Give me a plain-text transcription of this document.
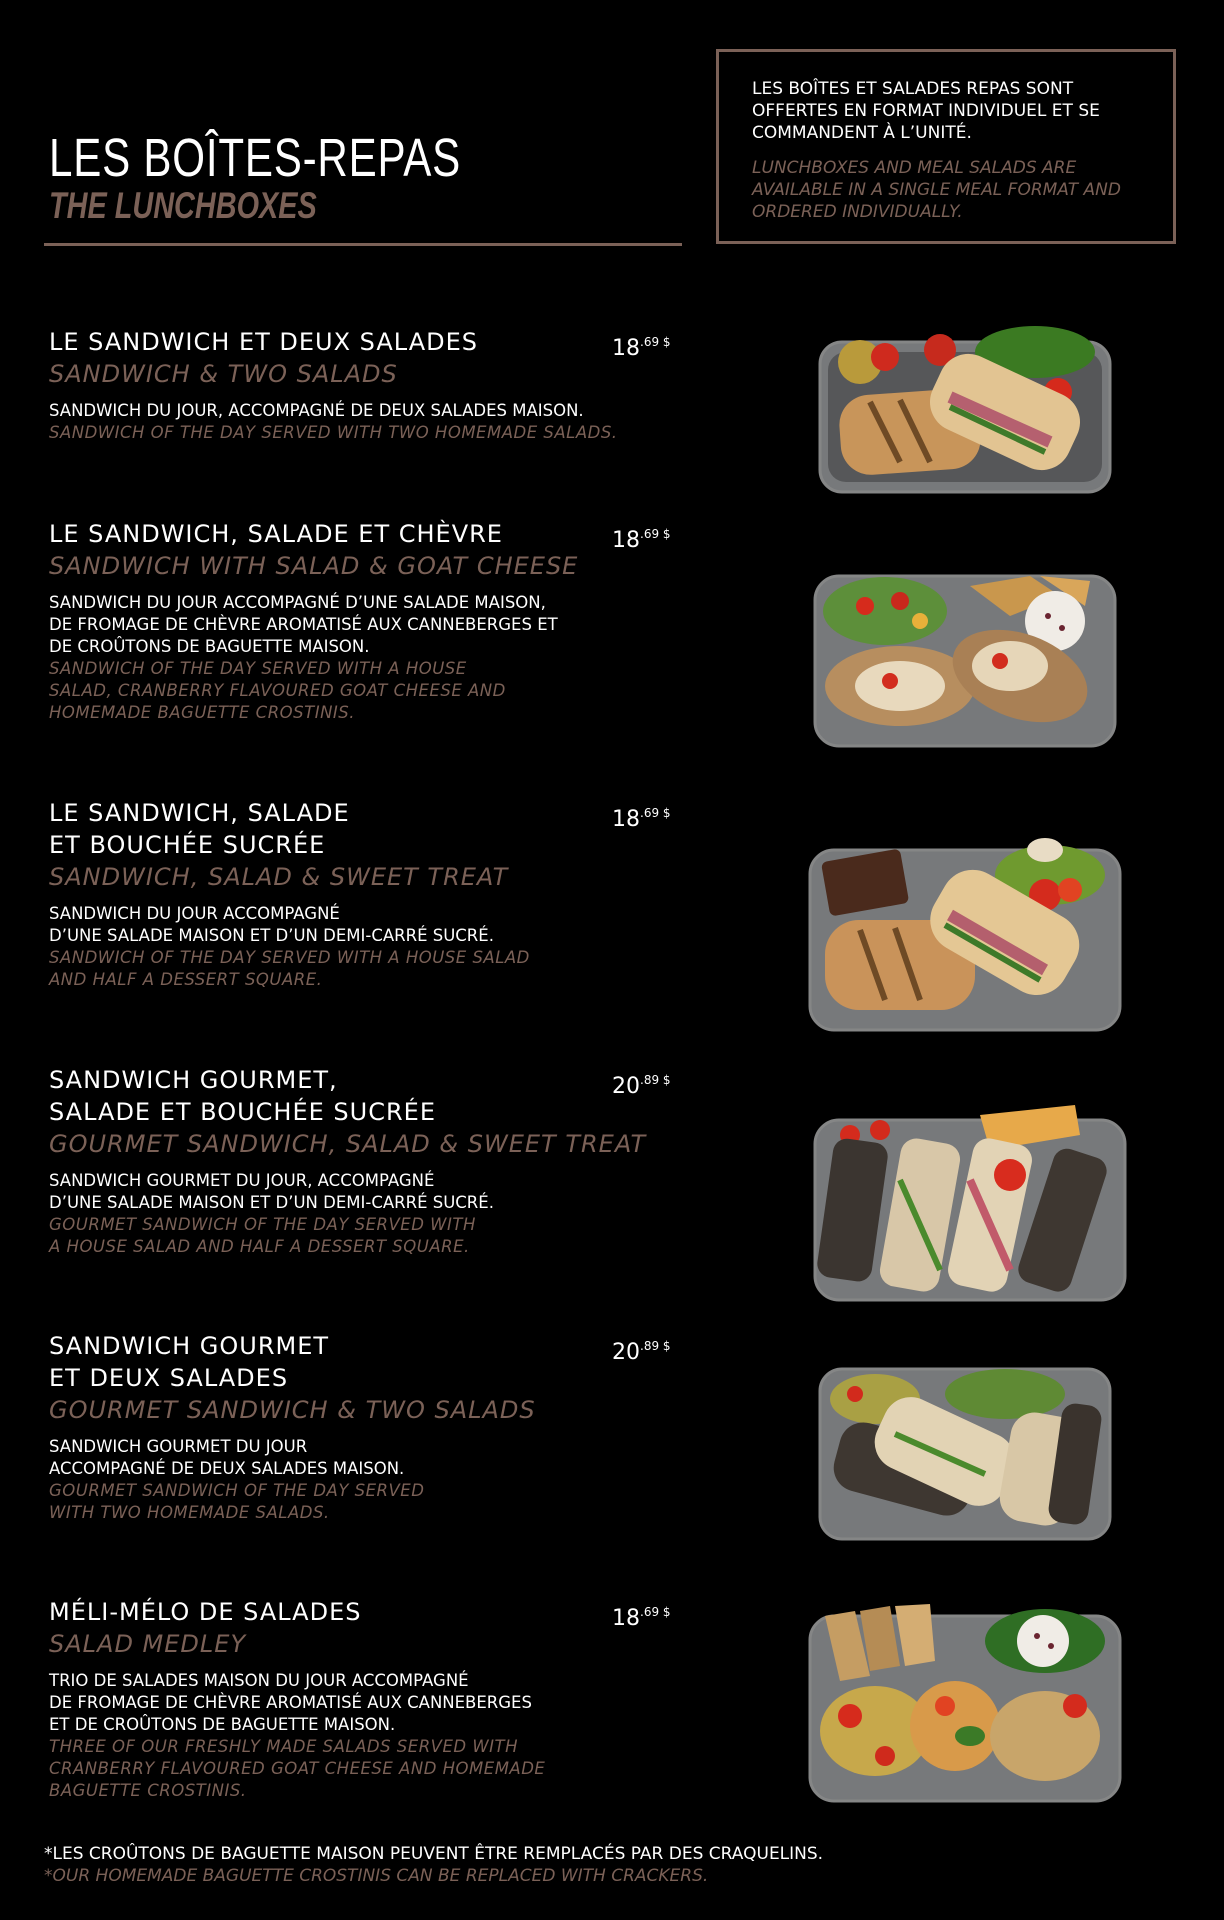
LES BOÎTES-REPAS
THE LUNCHBOXES
LES BOÎTES ET SALADES REPAS SONT OFFERTES EN FORMAT INDIVIDUEL ET SE COMMANDENT À L’UNITÉ.
LUNCHBOXES AND MEAL SALADS ARE AVAILABLE IN A SINGLE MEAL FORMAT AND ORDERED INDIVIDUALLY.
LE SANDWICH ET DEUX SALADES
SANDWICH & TWO SALADS
SANDWICH DU JOUR, ACCOMPAGNÉ DE DEUX SALADES MAISON.
SANDWICH OF THE DAY SERVED WITH TWO HOMEMADE SALADS.
$18^{.69 \$}$
LE SANDWICH, SALADE ET CHÈVRE
SANDWICH WITH SALAD & GOAT CHEESE
SANDWICH DU JOUR ACCOMPAGNÉ D’UNE SALADE MAISON,
DE FROMAGE DE CHÈVRE AROMATISÉ AUX CANNEBERGES ET
DE CROÛTONS DE BAGUETTE MAISON.
SANDWICH OF THE DAY SERVED WITH A HOUSE
SALAD, CRANBERRY FLAVOURED GOAT CHEESE AND
HOMEMADE BAGUETTE CROSTINIS.
$18^{.69 \$}$
LE SANDWICH, SALADE
ET BOUCHÉE SUCRÉE
SANDWICH, SALAD & SWEET TREAT
SANDWICH DU JOUR ACCOMPAGNÉ
D’UNE SALADE MAISON ET D’UN DEMI-CARRÉ SUCRÉ.
SANDWICH OF THE DAY SERVED WITH A HOUSE SALAD
AND HALF A DESSERT SQUARE.
$18^{.69 \$}$
SANDWICH GOURMET,
SALADE ET BOUCHÉE SUCRÉE
GOURMET SANDWICH, SALAD & SWEET TREAT
SANDWICH GOURMET DU JOUR, ACCOMPAGNÉ
D’UNE SALADE MAISON ET D’UN DEMI-CARRÉ SUCRÉ.
GOURMET SANDWICH OF THE DAY SERVED WITH
A HOUSE SALAD AND HALF A DESSERT SQUARE.
$20^{.89 \$}$
SANDWICH GOURMET
ET DEUX SALADES
GOURMET SANDWICH & TWO SALADS
SANDWICH GOURMET DU JOUR
ACCOMPAGNÉ DE DEUX SALADES MAISON.
GOURMET SANDWICH OF THE DAY SERVED
WITH TWO HOMEMADE SALADS.
$20^{.89 \$}$
MÉLI-MÉLO DE SALADES
SALAD MEDLEY
TRIO DE SALADES MAISON DU JOUR ACCOMPAGNÉ
DE FROMAGE DE CHÈVRE AROMATISÉ AUX CANNEBERGES
ET DE CROÛTONS DE BAGUETTE MAISON.
THREE OF OUR FRESHLY MADE SALADS SERVED WITH
CRANBERRY FLAVOURED GOAT CHEESE AND HOMEMADE
BAGUETTE CROSTINIS.
$18^{.69 \$}$
*LES CROÛTONS DE BAGUETTE MAISON PEUVENT ÊTRE REMPLACÉS PAR DES CRAQUELINS.
*OUR HOMEMADE BAGUETTE CROSTINIS CAN BE REPLACED WITH CRACKERS.
